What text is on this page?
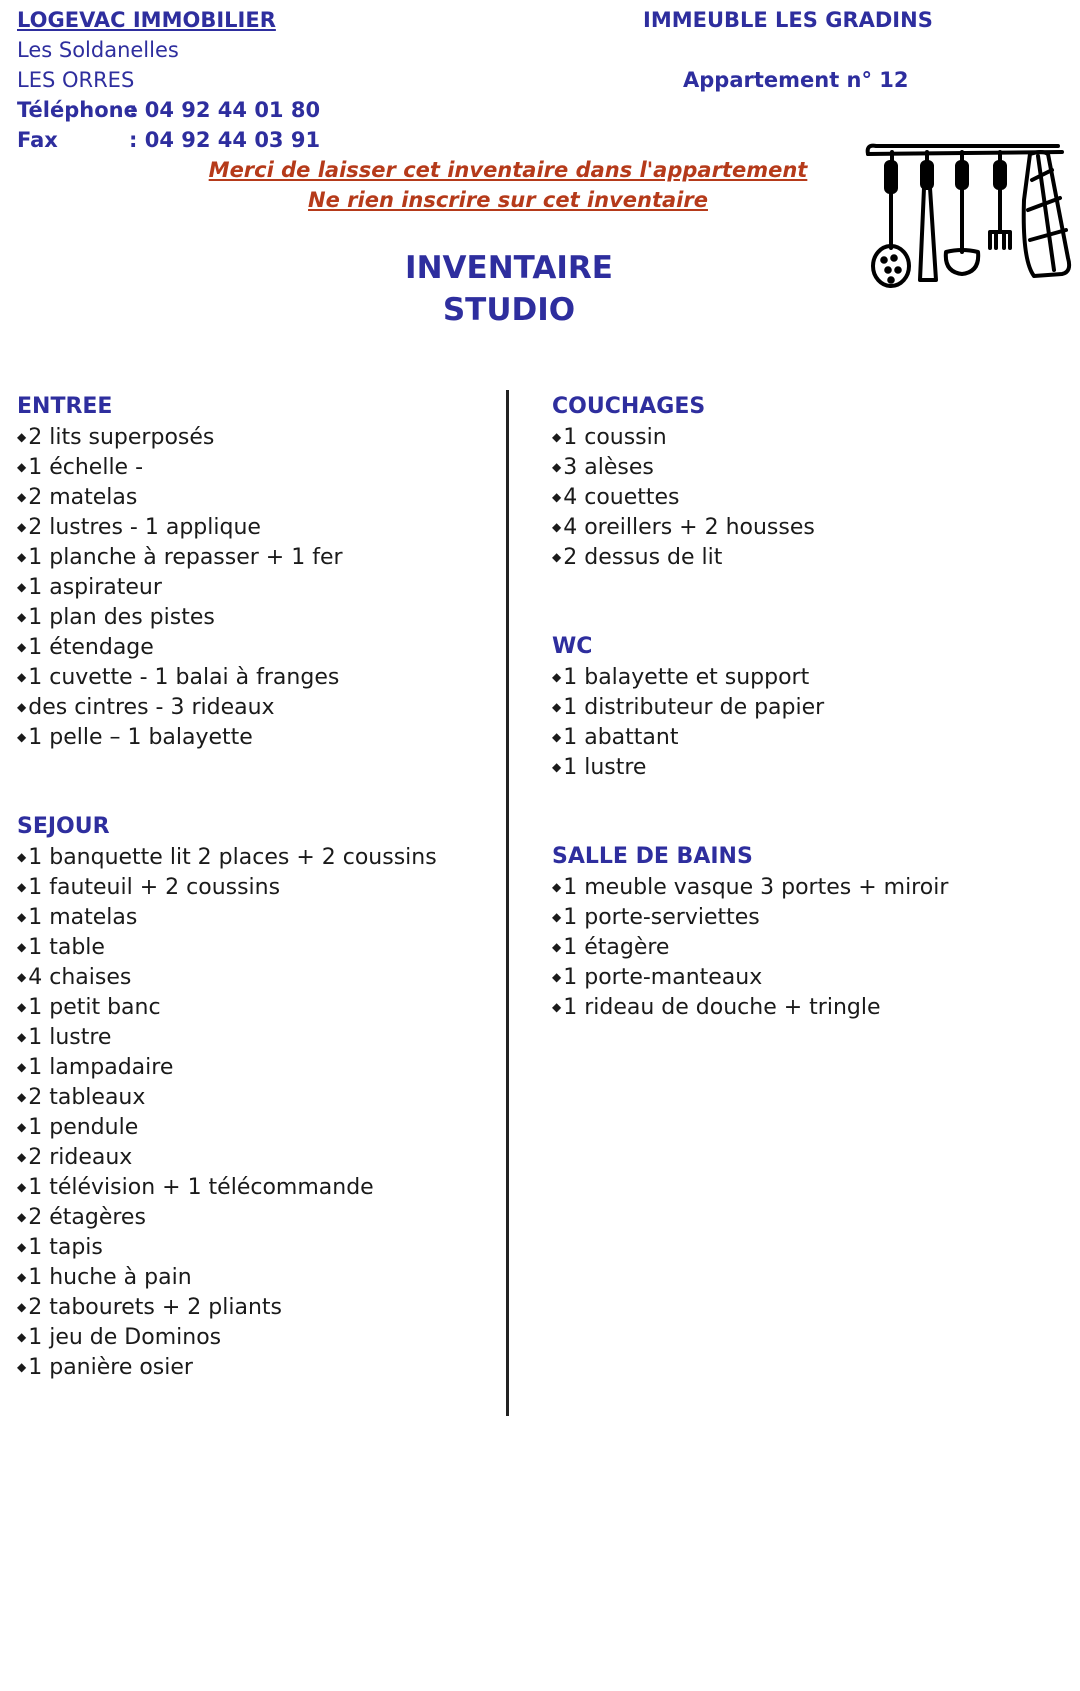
LOGEVAC IMMOBILIER
Les Soldanelles
LES ORRES
Téléphone: 04 92 44 01 80
Fax	: 04 92 44 03 91
IMMEUBLE LES GRADINS
Appartement n° 12
Merci de laisser cet inventaire dans l'appartement
Ne rien inscrire sur cet inventaire
INVENTAIRE
STUDIO
ENTREE
◆2 lits superposés
◆1 échelle -
◆2 matelas
◆2 lustres - 1 applique
◆1 planche à repasser + 1 fer
◆1 aspirateur
◆1 plan des pistes
◆1 étendage
◆1 cuvette - 1 balai à franges
◆des cintres - 3 rideaux
◆1 pelle – 1 balayette
SEJOUR
◆1 banquette lit 2 places + 2 coussins
◆1 fauteuil + 2 coussins
◆1 matelas
◆1 table
◆4 chaises
◆1 petit banc
◆1 lustre
◆1 lampadaire
◆2 tableaux
◆1 pendule
◆2 rideaux
◆1 télévision + 1 télécommande
◆2 étagères
◆1 tapis
◆1 huche à pain
◆2 tabourets + 2 pliants
◆1 jeu de Dominos
◆1 panière osier
COUCHAGES
◆1 coussin
◆3 alèses
◆4 couettes
◆4 oreillers + 2 housses
◆2 dessus de lit
WC
◆1 balayette et support
◆1 distributeur de papier
◆1 abattant
◆1 lustre
SALLE DE BAINS
◆1 meuble vasque 3 portes + miroir
◆1 porte-serviettes
◆1 étagère
◆1 porte-manteaux
◆1 rideau de douche + tringle
